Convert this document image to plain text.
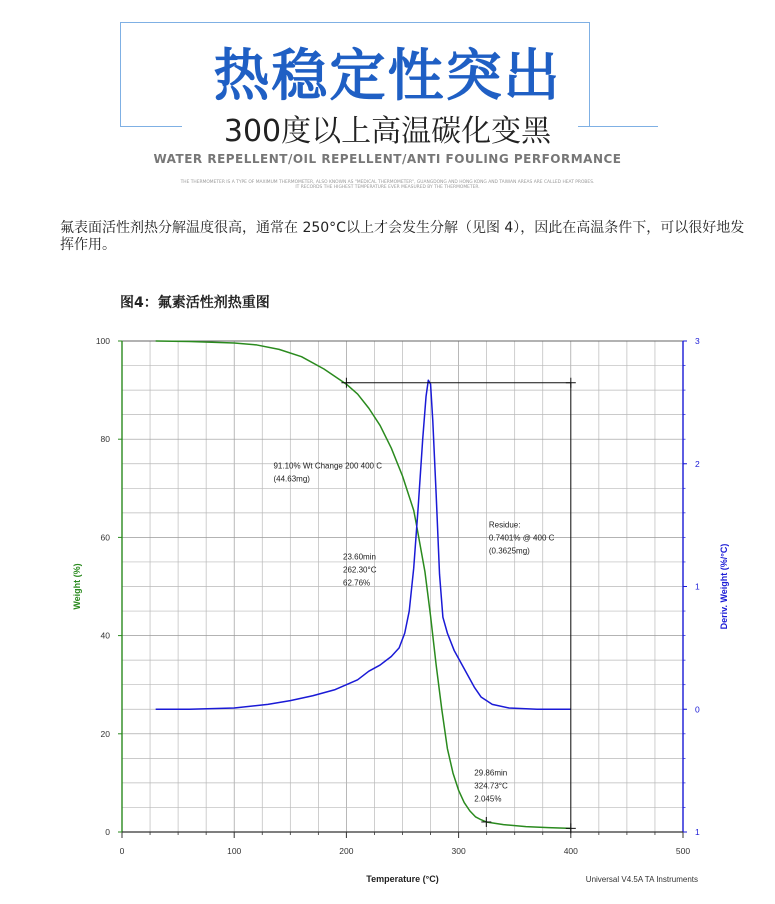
热稳定性突出
300度以上高温碳化变黑
WATER REPELLENT/OIL REPELLENT/ANTI FOULING PERFORMANCE
THE THERMOMETER IS A TYPE OF MAXIMUM THERMOMETER, ALSO KNOWN AS "MEDICAL THERMOMETER", GUANGDONG AND HONG KONG AND TAIWAN AREAS ARE CALLED HEAT PROBES. IT RECORDS THE HIGHEST TEMPERATURE EVER MEASURED BY THE THERMOMETER.
氟表面活性剂热分解温度很高，通常在 250°C以上才会发生分解（见图 4），因此在高温条件下，可以很好地发挥作用。
图4：氟素活性剂热重图
0	100	200	300	400	500
0
20
40
60
80
100
1
0
1
2
3
91.10% Wt Change 200 400 C
(44.63mg)
Residue:
0.7401% @ 400 C
(0.3625mg)
23.60min
262.30°C
62.76%
29.86min
324.73°C
2.045%
Temperature (°C)
Weight (%)	Deriv. Weight (%/°C)
Universal V4.5A TA Instruments
